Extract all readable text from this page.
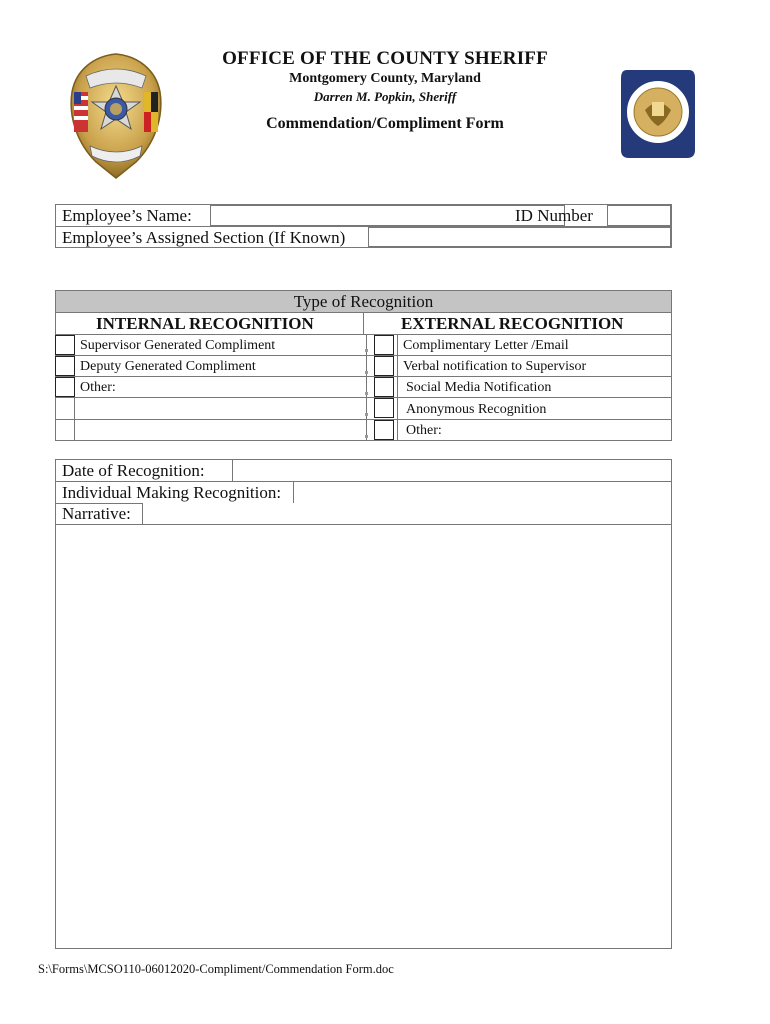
OFFICE OF THE COUNTY SHERIFF
Montgomery County, Maryland
Darren M. Popkin, Sheriff
Commendation/Compliment Form
Employee’s Name:	ID Number
Employee’s Assigned Section (If Known)
Type of Recognition
INTERNAL RECOGNITION	EXTERNAL RECOGNITION
Supervisor Generated Compliment
Deputy Generated Compliment
Other:
Complimentary Letter /Email
Verbal notification to Supervisor
Social Media Notification
Anonymous Recognition
Other:
Date of Recognition:
Individual Making Recognition:
Narrative:
S:\Forms\MCSO110-06012020-Compliment/Commendation Form.doc
